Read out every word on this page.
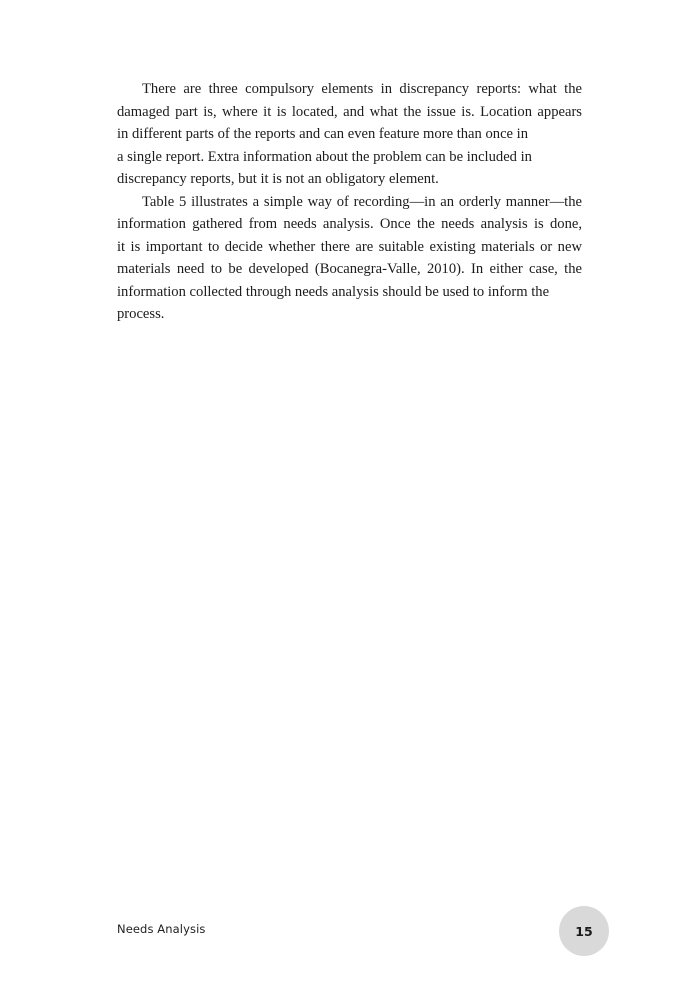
There are three compulsory elements in discrepancy reports: what the
damaged part is, where it is located, and what the issue is. Location appears
in different parts of the reports and can even feature more than once in
a single report. Extra information about the problem can be included in
discrepancy reports, but it is not an obligatory element.
Table 5 illustrates a simple way of recording—in an orderly manner—the
information gathered from needs analysis. Once the needs analysis is done,
it is important to decide whether there are suitable existing materials or new
materials need to be developed (Bocanegra-Valle, 2010). In either case, the
information collected through needs analysis should be used to inform the
process.
Needs Analysis	15
